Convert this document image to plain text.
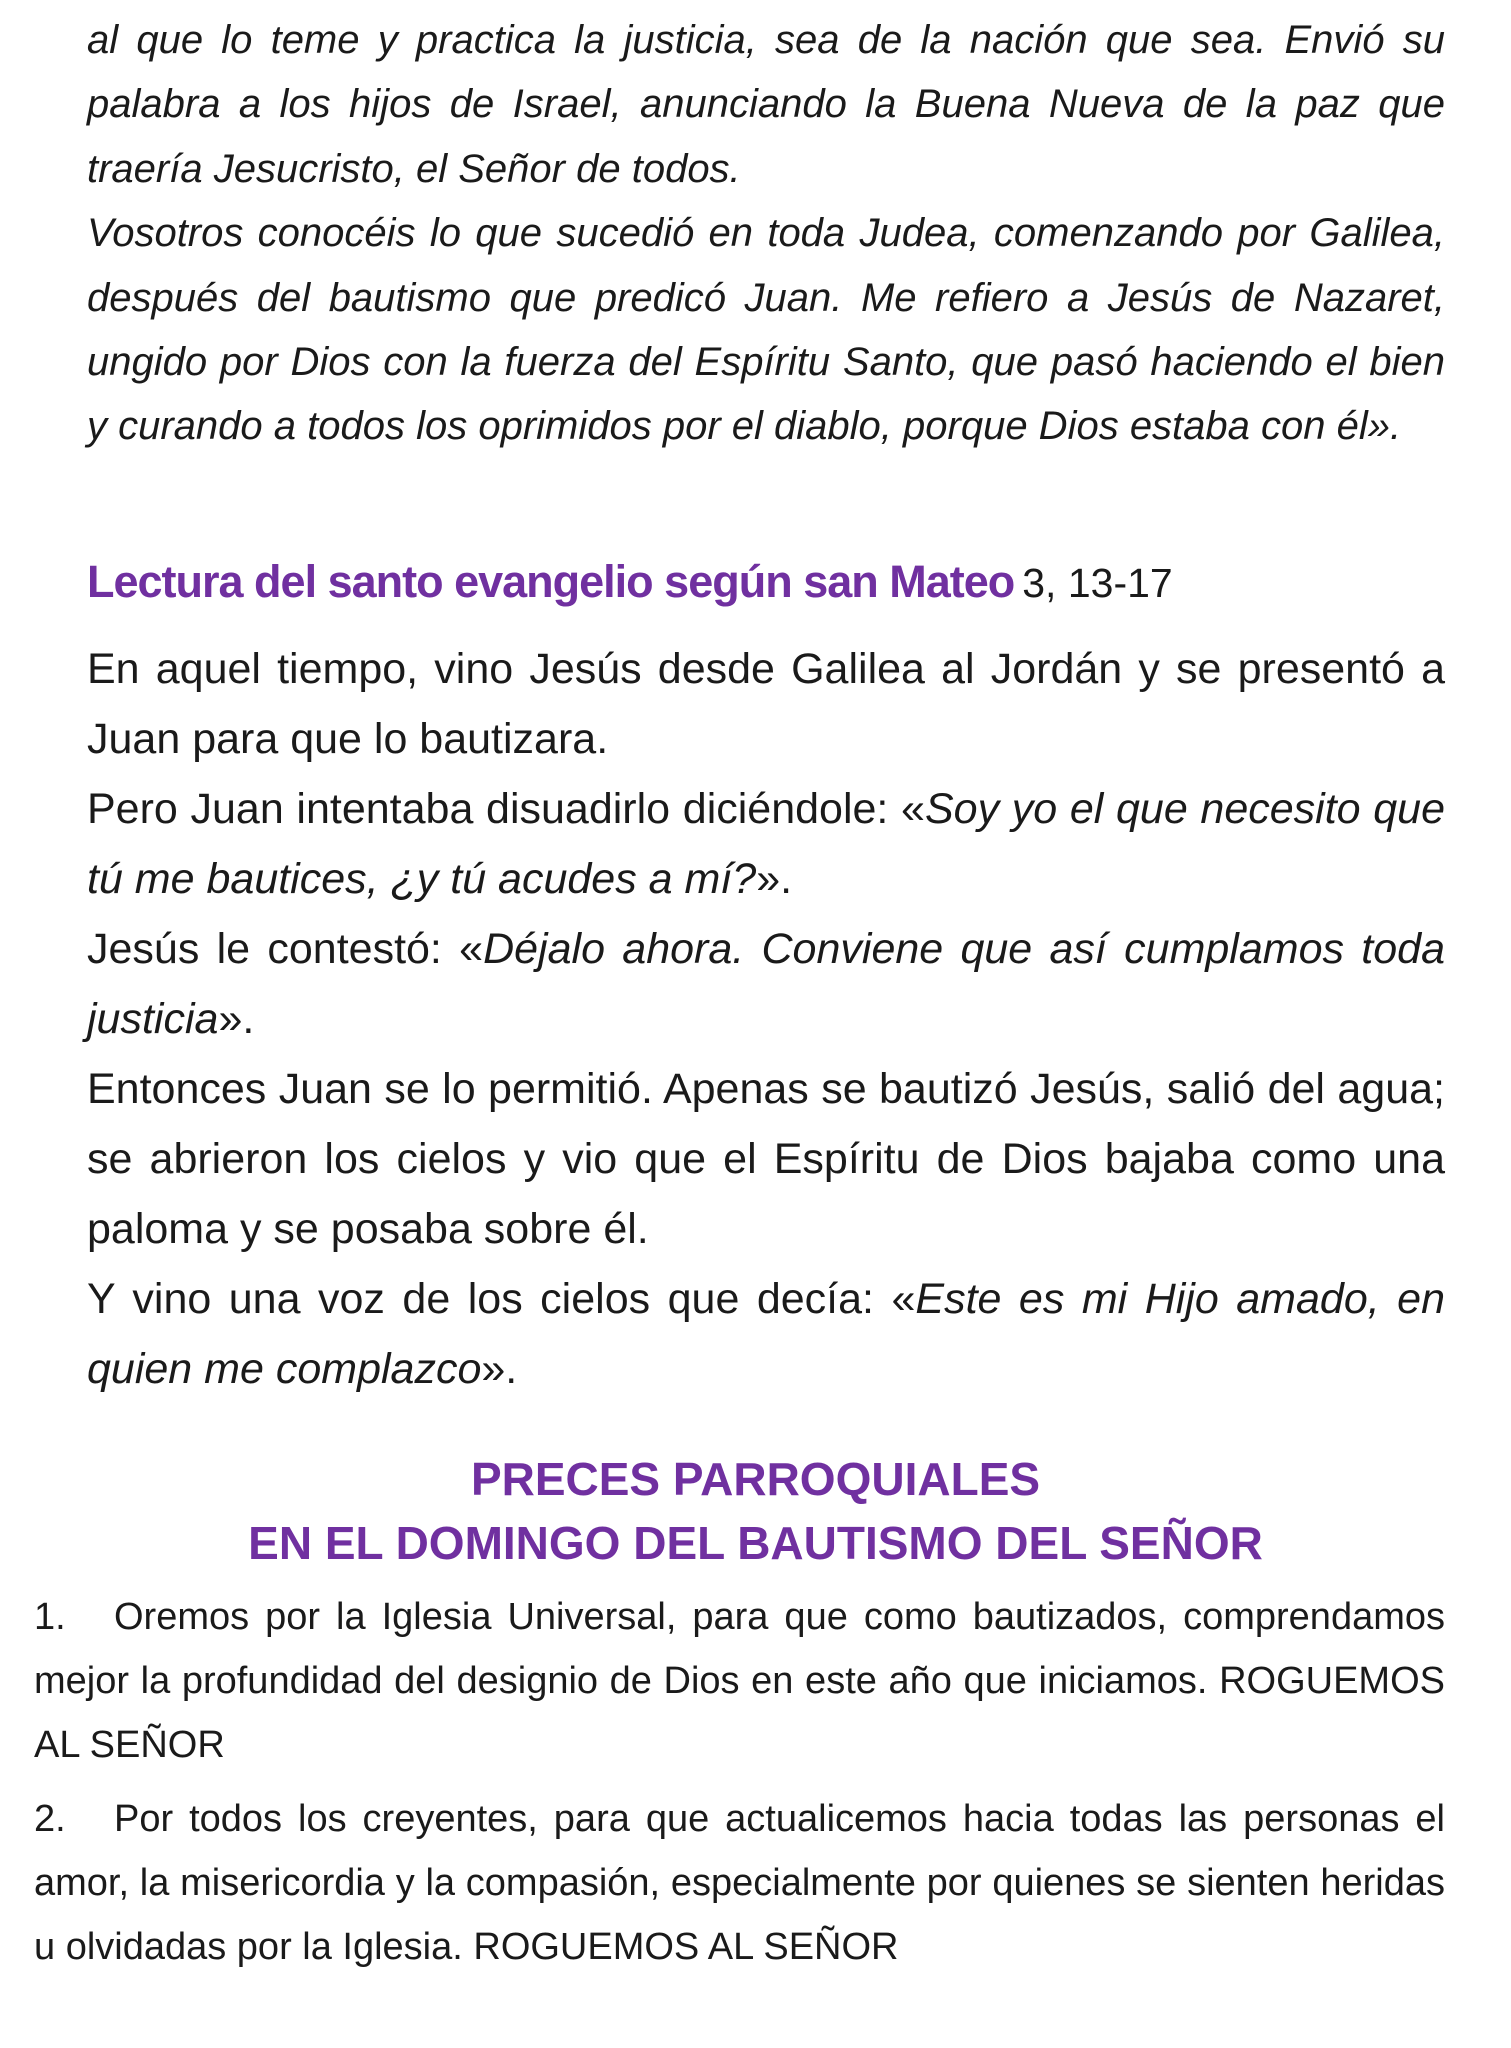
al que lo teme y practica la justicia, sea de la nación que sea. Envió su palabra a los hijos de Israel, anunciando la Buena Nueva de la paz que traería Jesucristo, el Señor de todos.

Vosotros conocéis lo que sucedió en toda Judea, comenzando por Galilea, después del bautismo que predicó Juan. Me refiero a Jesús de Nazaret, ungido por Dios con la fuerza del Espíritu Santo, que pasó haciendo el bien y curando a todos los oprimidos por el diablo, porque Dios estaba con él».

Lectura del santo evangelio según san Mateo 3, 13-17

En aquel tiempo, vino Jesús desde Galilea al Jordán y se presentó a Juan para que lo bautizara.

Pero Juan intentaba disuadirlo diciéndole: «Soy yo el que necesito que tú me bautices, ¿y tú acudes a mí?».

Jesús le contestó: «Déjalo ahora. Conviene que así cumplamos toda justicia».

Entonces Juan se lo permitió. Apenas se bautizó Jesús, salió del agua; se abrieron los cielos y vio que el Espíritu de Dios bajaba como una paloma y se posaba sobre él.

Y vino una voz de los cielos que decía: «Este es mi Hijo amado, en quien me complazco».

PRECES PARROQUIALES
EN EL DOMINGO DEL BAUTISMO DEL SEÑOR

1. Oremos por la Iglesia Universal, para que como bautizados, comprendamos mejor la profundidad del designio de Dios en este año que iniciamos. ROGUEMOS AL SEÑOR

2. Por todos los creyentes, para que actualicemos hacia todas las personas el amor, la misericordia y la compasión, especialmente por quienes se sienten heridas u olvidadas por la Iglesia. ROGUEMOS AL SEÑOR
